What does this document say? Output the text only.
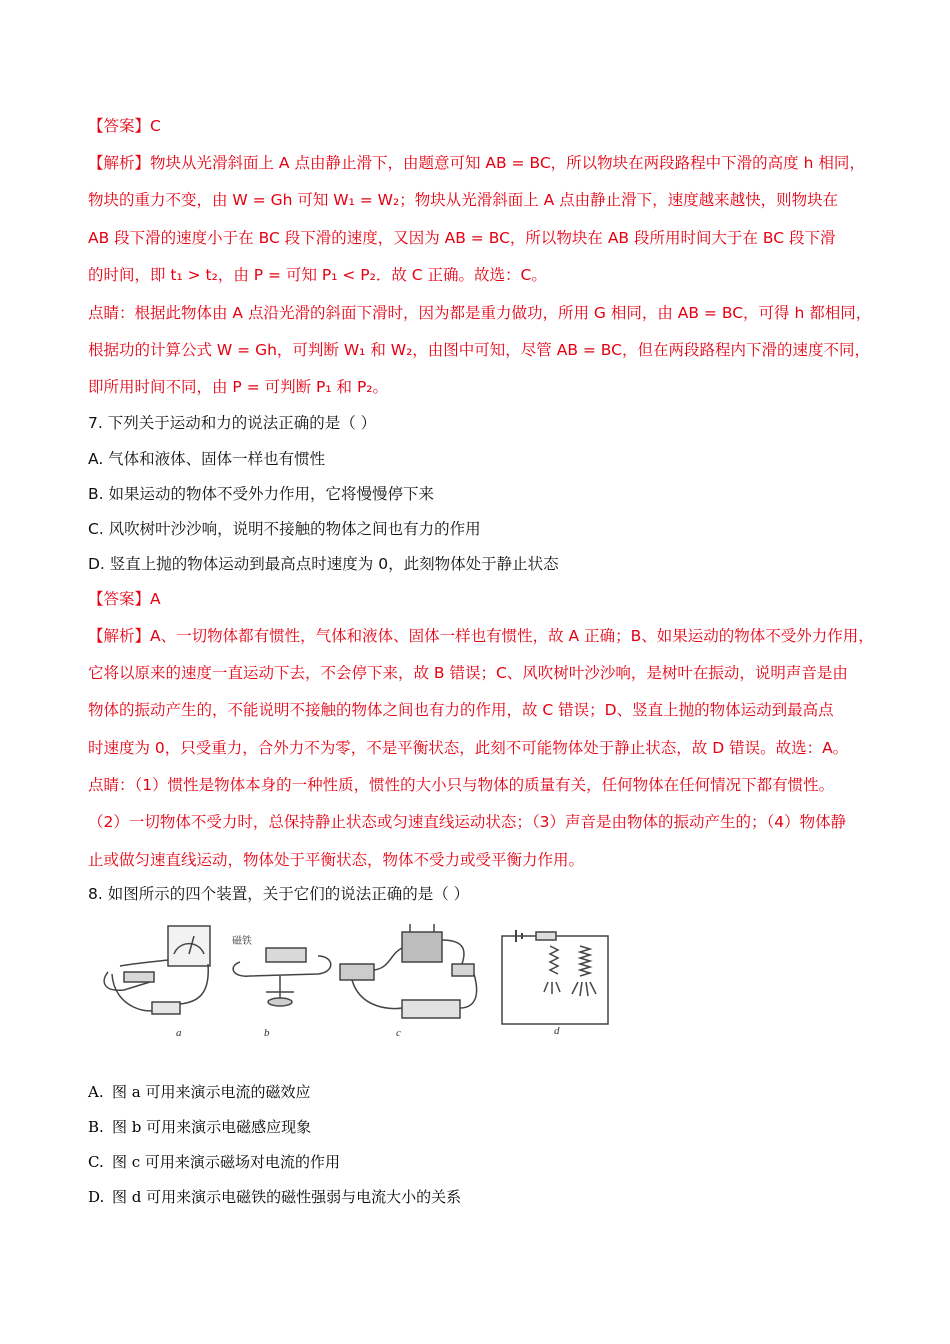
【答案】C
【解析】物块从光滑斜面上 A 点由静止滑下，由题意可知 AB = BC，所以物块在两段路程中下滑的高度 h 相同，
物块的重力不变，由 W = Gh 可知 W₁ = W₂；物块从光滑斜面上 A 点由静止滑下，速度越来越快，则物块在
AB 段下滑的速度小于在 BC 段下滑的速度，又因为 AB = BC，所以物块在 AB 段所用时间大于在 BC 段下滑
的时间，即 t₁ > t₂，由 P = 可知 P₁ < P₂．故 C 正确。故选：C。
点睛：根据此物体由 A 点沿光滑的斜面下滑时，因为都是重力做功，所用 G 相同，由 AB = BC，可得 h 都相同，
根据功的计算公式 W = Gh，可判断 W₁ 和 W₂，由图中可知，尽管 AB = BC，但在两段路程内下滑的速度不同，
即所用时间不同，由 P = 可判断 P₁ 和 P₂。
7. 下列关于运动和力的说法正确的是（ ）
A. 气体和液体、固体一样也有惯性
B. 如果运动的物体不受外力作用，它将慢慢停下来
C. 风吹树叶沙沙响，说明不接触的物体之间也有力的作用
D. 竖直上抛的物体运动到最高点时速度为 0，此刻物体处于静止状态
【答案】A
【解析】A、一切物体都有惯性，气体和液体、固体一样也有惯性，故 A 正确；B、如果运动的物体不受外力作用，
它将以原来的速度一直运动下去，不会停下来，故 B 错误；C、风吹树叶沙沙响，是树叶在振动，说明声音是由
物体的振动产生的，不能说明不接触的物体之间也有力的作用，故 C 错误；D、竖直上抛的物体运动到最高点
时速度为 0，只受重力，合外力不为零，不是平衡状态，此刻不可能物体处于静止状态，故 D 错误。故选：A。
点睛：（1）惯性是物体本身的一种性质，惯性的大小只与物体的质量有关，任何物体在任何情况下都有惯性。
（2）一切物体不受力时，总保持静止状态或匀速直线运动状态；（3）声音是由物体的振动产生的；（4）物体静
止或做匀速直线运动，物体处于平衡状态，物体不受力或受平衡力作用。
8. 如图所示的四个装置，关于它们的说法正确的是（ ）
磁铁
a	b	c	d
A. 图 a 可用来演示电流的磁效应
B. 图 b 可用来演示电磁感应现象
C. 图 c 可用来演示磁场对电流的作用
D. 图 d 可用来演示电磁铁的磁性强弱与电流大小的关系
